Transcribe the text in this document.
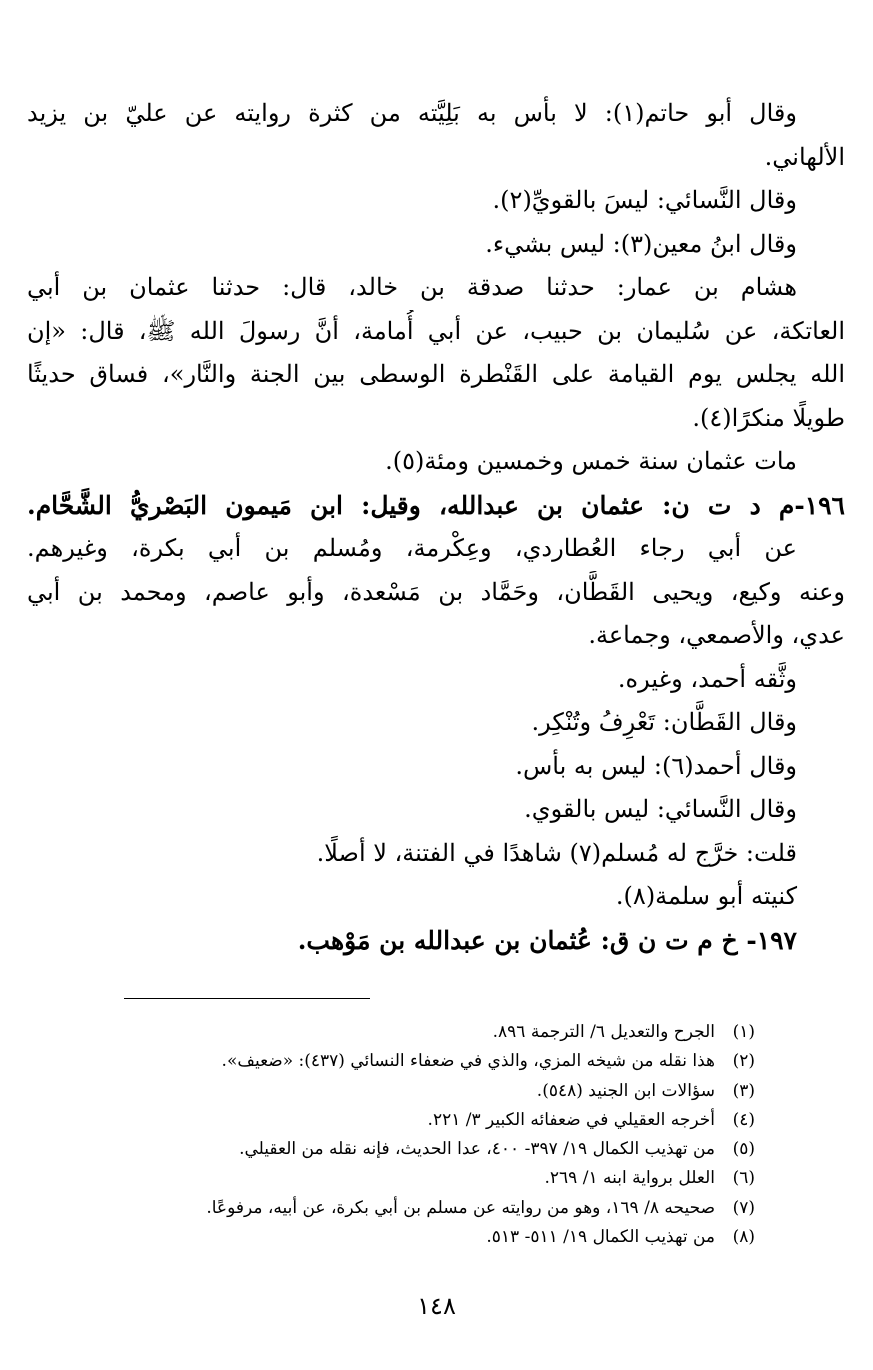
وقال أبو حاتم(١): لا بأس به بَلِيَّته من كثرة روايته عن عليّ بن يزيد
الألهاني.
وقال النَّسائي: ليسَ بالقويِّ(٢).
وقال ابنُ معين(٣): ليس بشيء.
هشام بن عمار: حدثنا صدقة بن خالد، قال: حدثنا عثمان بن أبي
العاتكة، عن سُليمان بن حبيب، عن أبي أُمامة، أنَّ رسولَ الله ﷺ، قال: «إن
الله يجلس يوم القيامة على القَنْطرة الوسطى بين الجنة والنَّار»، فساق حديثًا
طويلًا منكرًا(٤).
مات عثمان سنة خمس وخمسين ومئة(٥).
١٩٦-م د ت ن: عثمان بن عبدالله، وقيل: ابن مَيمون البَصْريُّ الشَّحَّام.
عن أبي رجاء العُطاردي، وعِكْرمة، ومُسلم بن أبي بكرة، وغيرهم.
وعنه وكيع، ويحيى القَطَّان، وحَمَّاد بن مَسْعدة، وأبو عاصم، ومحمد بن أبي
عدي، والأصمعي، وجماعة.
وثَّقه أحمد، وغيره.
وقال القَطَّان: تَعْرِفُ وتُنْكِر.
وقال أحمد(٦): ليس به بأس.
وقال النَّسائي: ليس بالقوي.
قلت: خرَّج له مُسلم(٧) شاهدًا في الفتنة، لا أصلًا.
كنيته أبو سلمة(٨).
١٩٧- خ م ت ن ق: عُثمان بن عبدالله بن مَوْهب.
(١)
الجرح والتعديل ٦/ الترجمة ٨٩٦.
(٢)
هذا نقله من شيخه المزي، والذي في ضعفاء النسائي (٤٣٧): «ضعيف».
(٣)
سؤالات ابن الجنيد (٥٤٨).
(٤)
أخرجه العقيلي في ضعفائه الكبير ٣/ ٢٢١.
(٥)
من تهذيب الكمال ١٩/ ٣٩٧- ٤٠٠، عدا الحديث، فإنه نقله من العقيلي.
(٦)
العلل برواية ابنه ١/ ٢٦٩.
(٧)
صحيحه ٨/ ١٦٩، وهو من روايته عن مسلم بن أبي بكرة، عن أبيه، مرفوعًا.
(٨)
من تهذيب الكمال ١٩/ ٥١١- ٥١٣.
١٤٨
